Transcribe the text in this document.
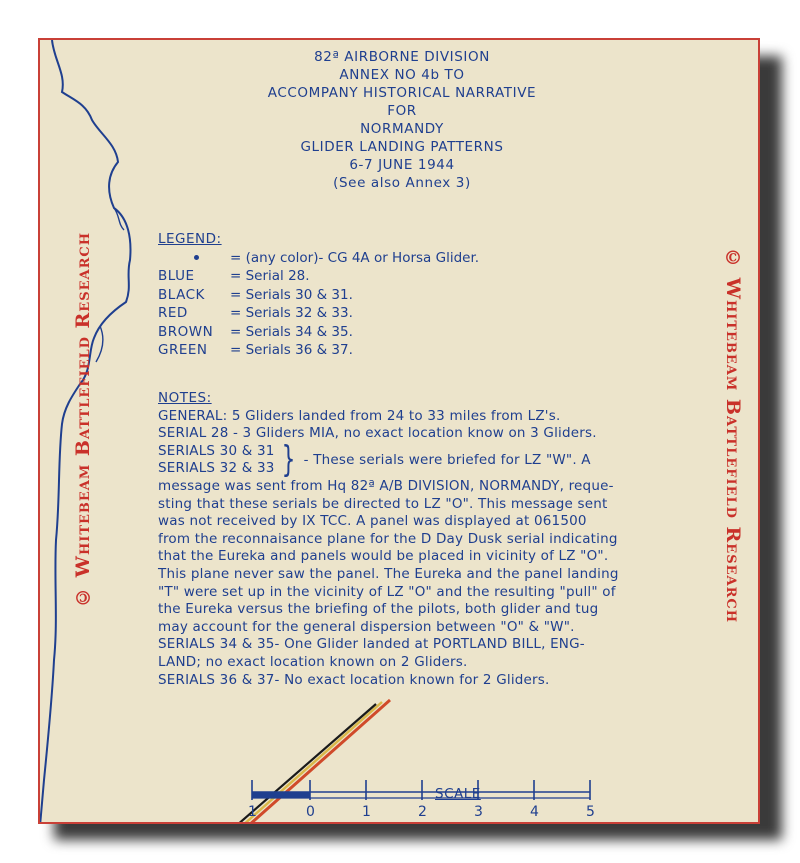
82ª AIRBORNE DIVISION
ANNEX NO 4b TO
ACCOMPANY HISTORICAL NARRATIVE
FOR
NORMANDY
GLIDER LANDING PATTERNS
6-7 JUNE 1944
(See also Annex 3)
LEGEND:
= (any color)- CG 4A or Horsa Glider.
BLUE	= Serial 28.
BLACK	= Serials 30 & 31.
RED	= Serials 32 & 33.
BROWN	= Serials 34 & 35.
GREEN	= Serials 36 & 37.
NOTES:
GENERAL: 5 Gliders landed from 24 to 33 miles from LZ's.
SERIAL 28 - 3 Gliders MIA, no exact location know on 3 Gliders.
SERIALS 30 & 31
SERIALS 32 & 33 } - These serials were briefed for LZ "W". A
message was sent from Hq 82ª A/B DIVISION, NORMANDY, reque-
sting that these serials be directed to LZ "O". This message sent
was not received by IX TCC. A panel was displayed at 061500
from the reconnaisance plane for the D Day Dusk serial indicating
that the Eureka and panels would be placed in vicinity of LZ "O".
This plane never saw the panel. The Eureka and the panel landing
"T" were set up in the vicinity of LZ "O" and the resulting "pull" of
the Eureka versus the briefing of the pilots, both glider and tug
may account for the general dispersion between "O" & "W".
SERIALS 34 & 35- One Glider landed at PORTLAND BILL, ENG-
LAND; no exact location known on 2 Gliders.
SERIALS 36 & 37- No exact location known for 2 Gliders.
SCALE
1	0	1	2	3	4	5
© Whitebeam Battlefield Research	© Whitebeam Battlefield Research
